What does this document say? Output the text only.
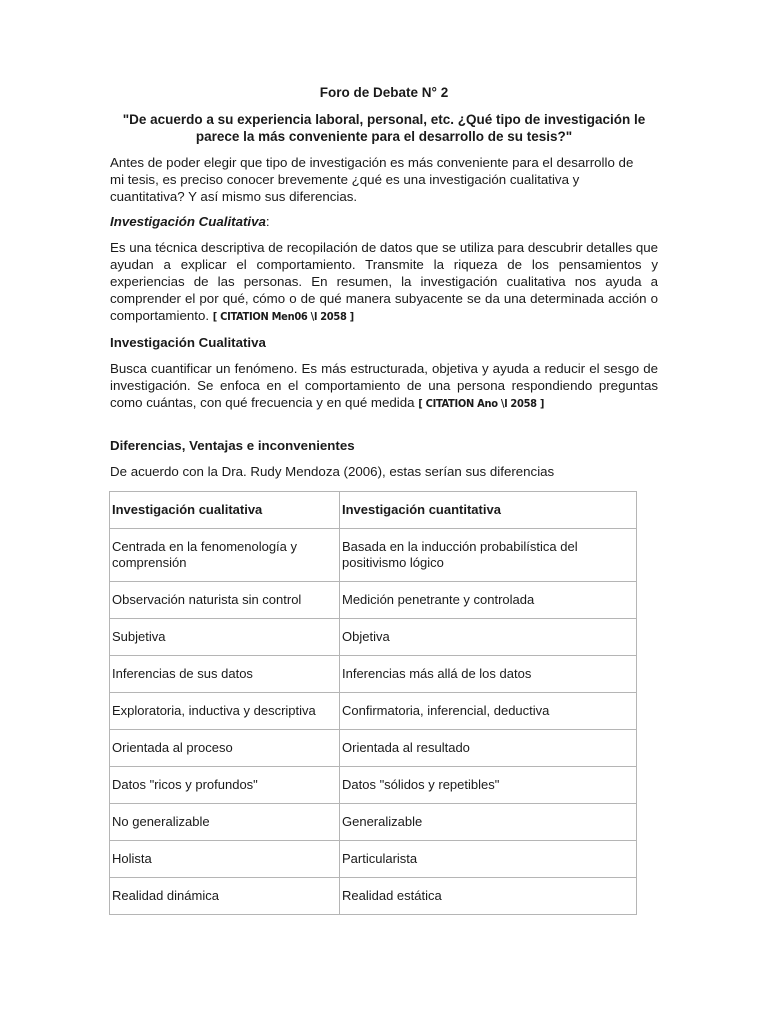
Foro de Debate N° 2
"De acuerdo a su experiencia laboral, personal, etc. ¿Qué tipo de investigación le parece la más conveniente para el desarrollo de su tesis?"

Antes de poder elegir que tipo de investigación es más conveniente para el desarrollo de mi tesis, es preciso conocer brevemente ¿qué es una investigación cualitativa y cuantitativa? Y así mismo sus diferencias.

Investigación Cualitativa:

Es una técnica descriptiva de recopilación de datos que se utiliza para descubrir detalles que ayudan a explicar el comportamiento. Transmite la riqueza de los pensamientos y experiencias de las personas. En resumen, la investigación cualitativa nos ayuda a comprender el por qué, cómo o de qué manera subyacente se da una determinada acción o comportamiento. [ CITATION Men06 \l 2058 ]

Investigación Cualitativa

Busca cuantificar un fenómeno. Es más estructurada, objetiva y ayuda a reducir el sesgo de investigación. Se enfoca en el comportamiento de una persona respondiendo preguntas como cuántas, con qué frecuencia y en qué medida [ CITATION Ano \l 2058 ]

Diferencias, Ventajas e inconvenientes

De acuerdo con la Dra. Rudy Mendoza (2006), estas serían sus diferencias

Investigación cualitativa	Investigación cuantitativa
Centrada en la fenomenología y comprensión	Basada en la inducción probabilística del positivismo lógico
Observación naturista sin control	Medición penetrante y controlada
Subjetiva	Objetiva
Inferencias de sus datos	Inferencias más allá de los datos
Exploratoria, inductiva y descriptiva	Confirmatoria, inferencial, deductiva
Orientada al proceso	Orientada al resultado
Datos "ricos y profundos"	Datos "sólidos y repetibles"
No generalizable	Generalizable
Holista	Particularista
Realidad dinámica	Realidad estática
